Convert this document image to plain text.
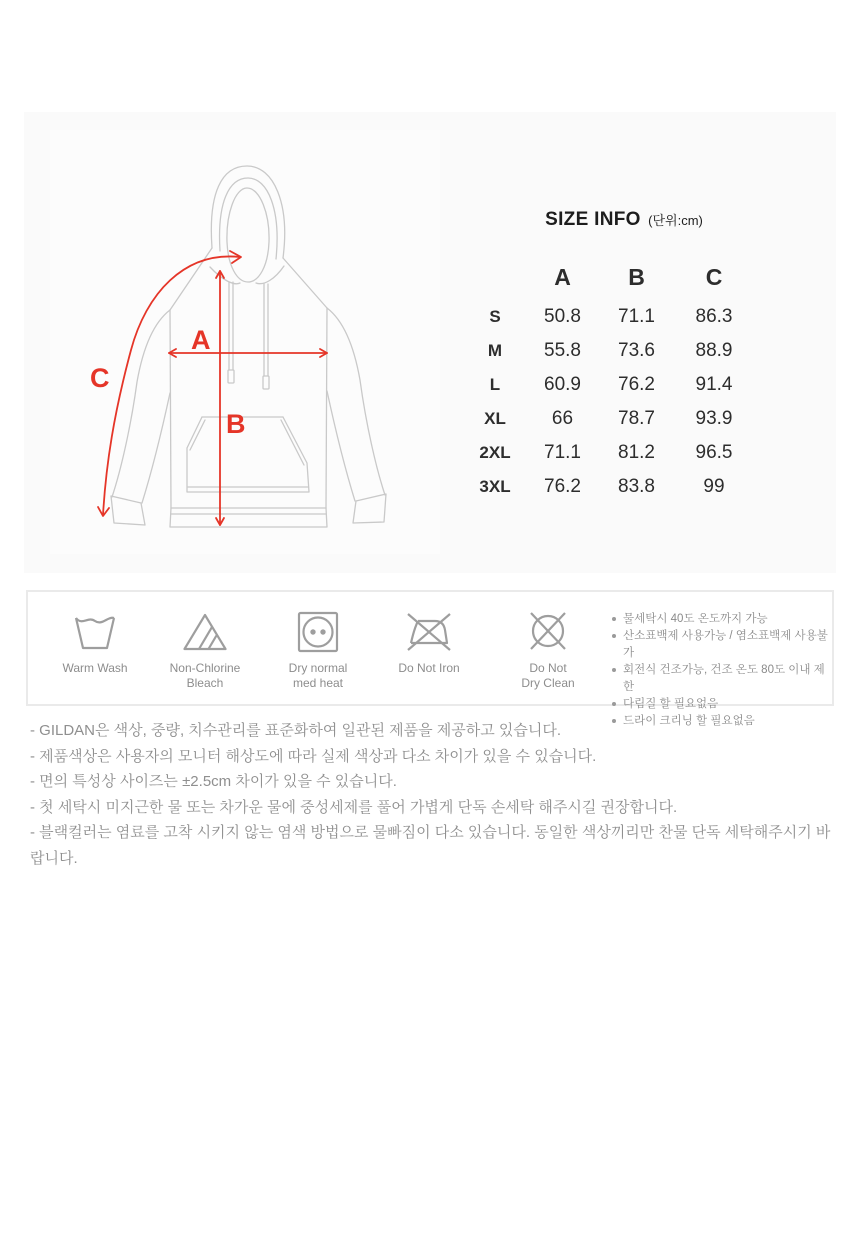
A
B
C
SIZE INFO (단위:cm)
A	B	C
S	50.8	71.1	86.3
M	55.8	73.6	88.9
L	60.9	76.2	91.4
XL	66	78.7	93.9
2XL	71.1	81.2	96.5
3XL	76.2	83.8	99
Warm Wash	Non-Chlorine
Bleach
Dry normal
med heat
Do Not Iron	Do Not
Dry Clean
물세탁시 40도 온도까지 가능
산소표백제 사용가능 / 염소표백제 사용불가
회전식 건조가능, 건조 온도 80도 이내 제한
다림질 할 필요없음
드라이 크리닝 할 필요없음
- GILDAN은 색상, 중량, 치수관리를 표준화하여 일관된 제품을 제공하고 있습니다.
- 제품색상은 사용자의 모니터 해상도에 따라 실제 색상과 다소 차이가 있을 수 있습니다.
- 면의 특성상 사이즈는 ±2.5cm 차이가 있을 수 있습니다.
- 첫 세탁시 미지근한 물 또는 차가운 물에 중성세제를 풀어 가볍게 단독 손세탁 해주시길 권장합니다.
- 블랙컬러는 염료를 고착 시키지 않는 염색 방법으로 물빠짐이 다소 있습니다. 동일한 색상끼리만 찬물 단독 세탁해주시기 바랍니다.
